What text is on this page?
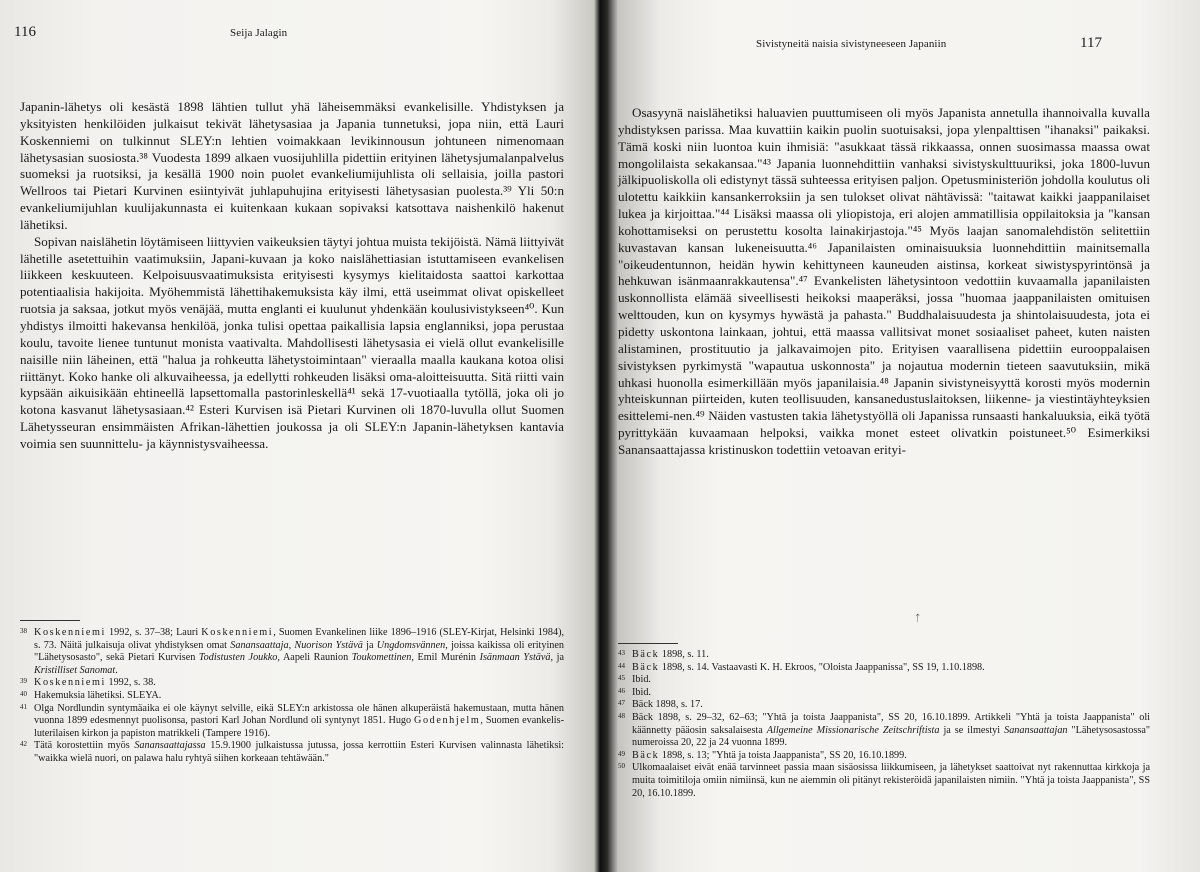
116	Seija Jalagin

Japanin-lähetys oli kesästä 1898 lähtien tullut yhä läheisemmäksi evankelisille. Yhdistyksen ja yksityisten henkilöiden julkaisut tekivät lähetysasiaa ja Japania tunnetuksi, jopa niin, että Lauri Koskenniemi on tulkinnut SLEY:n lehtien voimakkaan levikinnousun johtuneen nimenomaan lähetysasian suosiosta.³⁸ Vuodesta 1899 alkaen vuosijuhlilla pidettiin erityinen lähetysjumalanpalvelus suomeksi ja ruotsiksi, ja kesällä 1900 noin puolet evankeliumijuhlista oli sellaisia, joilla pastori Wellroos tai Pietari Kurvinen esiintyivät juhlapuhujina erityisesti lähetysasian puolesta.³⁹ Yli 50:n evankeliumijuhlan kuulijakunnasta ei kuitenkaan kukaan sopivaksi katsottava naishenkilö hakenut lähetiksi.

Sopivan naislähetin löytämiseen liittyvien vaikeuksien täytyi johtua muista tekijöistä. Nämä liittyivät lähetille asetettuihin vaatimuksiin, Japani-kuvaan ja koko naislähettiasian istuttamiseen evankelisen liikkeen keskuuteen. Kelpoisuusvaatimuksista erityisesti kysymys kielitaidosta saattoi karkottaa potentiaalisia hakijoita. Myöhemmistä lähettihakemuksista käy ilmi, että useimmat olivat opiskelleet ruotsia ja saksaa, jotkut myös venäjää, mutta englanti ei kuulunut yhdenkään koulusivistykseen⁴⁰. Kun yhdistys ilmoitti hakevansa henkilöä, jonka tulisi opettaa paikallisia lapsia englanniksi, jopa perustaa koulu, tavoite lienee tuntunut monista vaativalta. Mahdollisesti lähetysasia ei vielä ollut evankelisille naisille niin läheinen, että "halua ja rohkeutta lähetystoimintaan" vieraalla maalla kaukana kotoa olisi riittänyt. Koko hanke oli alkuvaiheessa, ja edellytti rohkeuden lisäksi oma-aloitteisuutta. Sitä riitti vain kypsään aikuisikään ehtineellä lapsettomalla pastorinleskellä⁴¹ sekä 17-vuotiaalla tytöllä, joka oli jo kotona kasvanut lähetysasiaan.⁴² Esteri Kurvisen isä Pietari Kurvinen oli 1870-luvulla ollut Suomen Lähetysseuran ensimmäisten Afrikan-lähettien joukossa ja oli SLEY:n Japanin-lähetyksen kantavia voimia sen suunnittelu- ja käynnistysvaiheessa.

38 Koskenniemi 1992, s. 37–38; Lauri Koskenniemi, Suomen Evankelinen liike 1896–1916 (SLEY-Kirjat, Helsinki 1984), s. 73. Näitä julkaisuja olivat yhdistyksen omat Sanansaattaja, Nuorison Ystävä ja Ungdomsvännen, joissa kaikissa oli erityinen "Lähetysosasto", sekä Pietari Kurvisen Todistusten Joukko, Aapeli Raunion Toukomettinen, Emil Murénin Isänmaan Ystävä, ja Kristilliset Sanomat.

39 Koskenniemi 1992, s. 38.

40 Hakemuksia lähetiksi. SLEYA.

41 Olga Nordlundin syntymäaika ei ole käynyt selville, eikä SLEY:n arkistossa ole hänen alkuperäistä hakemustaan, mutta hänen vuonna 1899 edesmennyt puolisonsa, pastori Karl Johan Nordlund oli syntynyt 1851. Hugo Godenhjelm, Suomen evankelis-luterilaisen kirkon ja papiston matrikkeli (Tampere 1916).

42 Tätä korostettiin myös Sanansaattajassa 15.9.1900 julkaistussa jutussa, jossa kerrottiin Esteri Kurvisen valinnasta lähetiksi: "waikka wielä nuori, on palawa halu ryhtyä siihen korkeaan tehtäwään."

Sivistyneitä naisia sivistyneeseen Japaniin	117

Osasyynä naislähetiksi haluavien puuttumiseen oli myös Japanista annetulla ihannoivalla kuvalla yhdistyksen parissa. Maa kuvattiin kaikin puolin suotuisaksi, jopa ylenpalttisen "ihanaksi" paikaksi. Tämä koski niin luontoa kuin ihmisiä: "asukkaat tässä rikkaassa, onnen suosimassa maassa owat mongolilaista sekakansaa."⁴³ Japania luonnehdittiin vanhaksi sivistyskulttuuriksi, joka 1800-luvun jälkipuoliskolla oli edistynyt tässä suhteessa erityisen paljon. Opetusministeriön johdolla koulutus oli ulotettu kaikkiin kansankerroksiin ja sen tulokset olivat nähtävissä: "taitawat kaikki jaappanilaiset lukea ja kirjoittaa."⁴⁴ Lisäksi maassa oli yliopistoja, eri alojen ammatillisia oppilaitoksia ja "kansan kohottamiseksi on perustettu kosolta lainakirjastoja."⁴⁵ Myös laajan sanomalehdistön selitettiin kuvastavan kansan lukeneisuutta.⁴⁶ Japanilaisten ominaisuuksia luonnehdittiin mainitsemalla "oikeudentunnon, heidän hywin kehittyneen kauneuden aistinsa, korkeat siwistyspyrintönsä ja hehkuwan isänmaanrakkautensa".⁴⁷ Evankelisten lähetysintoon vedottiin kuvaamalla japanilaisten uskonnollista elämää siveellisesti heikoksi maaperäksi, jossa "huomaa jaappanilaisten omituisen welttouden, kun on kysymys hywästä ja pahasta." Buddhalaisuudesta ja shintolaisuudesta, jota ei pidetty uskontona lainkaan, johtui, että maassa vallitsivat monet sosiaaliset paheet, kuten naisten alistaminen, prostituutio ja jalkavaimojen pito. Erityisen vaarallisena pidettiin eurooppalaisen sivistyksen pyrkimystä "wapautua uskonnosta" ja nojautua modernin tieteen saavutuksiin, mikä uhkasi huonolla esimerkillään myös japanilaisia.⁴⁸ Japanin sivistyneisyyttä korosti myös modernin yhteiskunnan piirteiden, kuten teollisuuden, kansanedustuslaitoksen, liikenne- ja viestintäyhteyksien esittelemi-nen.⁴⁹ Näiden vastusten takia lähetystyöllä oli Japanissa runsaasti hankaluuksia, eikä työtä pyrittykään kuvaamaan helpoksi, vaikka monet esteet olivatkin poistuneet.⁵⁰ Esimerkiksi Sanansaattajassa kristinuskon todettiin vetoavan erityi-

ᛏ

43 Bäck 1898, s. 11.

44 Bäck 1898, s. 14. Vastaavasti K. H. Ekroos, "Oloista Jaappanissa", SS 19, 1.10.1898.

45 Ibid.

46 Ibid.

47 Bäck 1898, s. 17.

48 Bäck 1898, s. 29–32, 62–63; "Yhtä ja toista Jaappanista", SS 20, 16.10.1899. Artikkeli "Yhtä ja toista Jaappanista" oli käännetty pääosin saksalaisesta Allgemeine Missionarische Zeitschriftista ja se ilmestyi Sanansaattajan "Lähetysosastossa" numeroissa 20, 22 ja 24 vuonna 1899.

49 Bäck 1898, s. 13; "Yhtä ja toista Jaappanista", SS 20, 16.10.1899.

50 Ulkomaalaiset eivät enää tarvinneet passia maan sisäosissa liikkumiseen, ja lähetykset saattoivat nyt rakennuttaa kirkkoja ja muita toimitiloja omiin nimiinsä, kun ne aiemmin oli pitänyt rekisteröidä japanilaisten nimiin. "Yhtä ja toista Jaappanista", SS 20, 16.10.1899.
